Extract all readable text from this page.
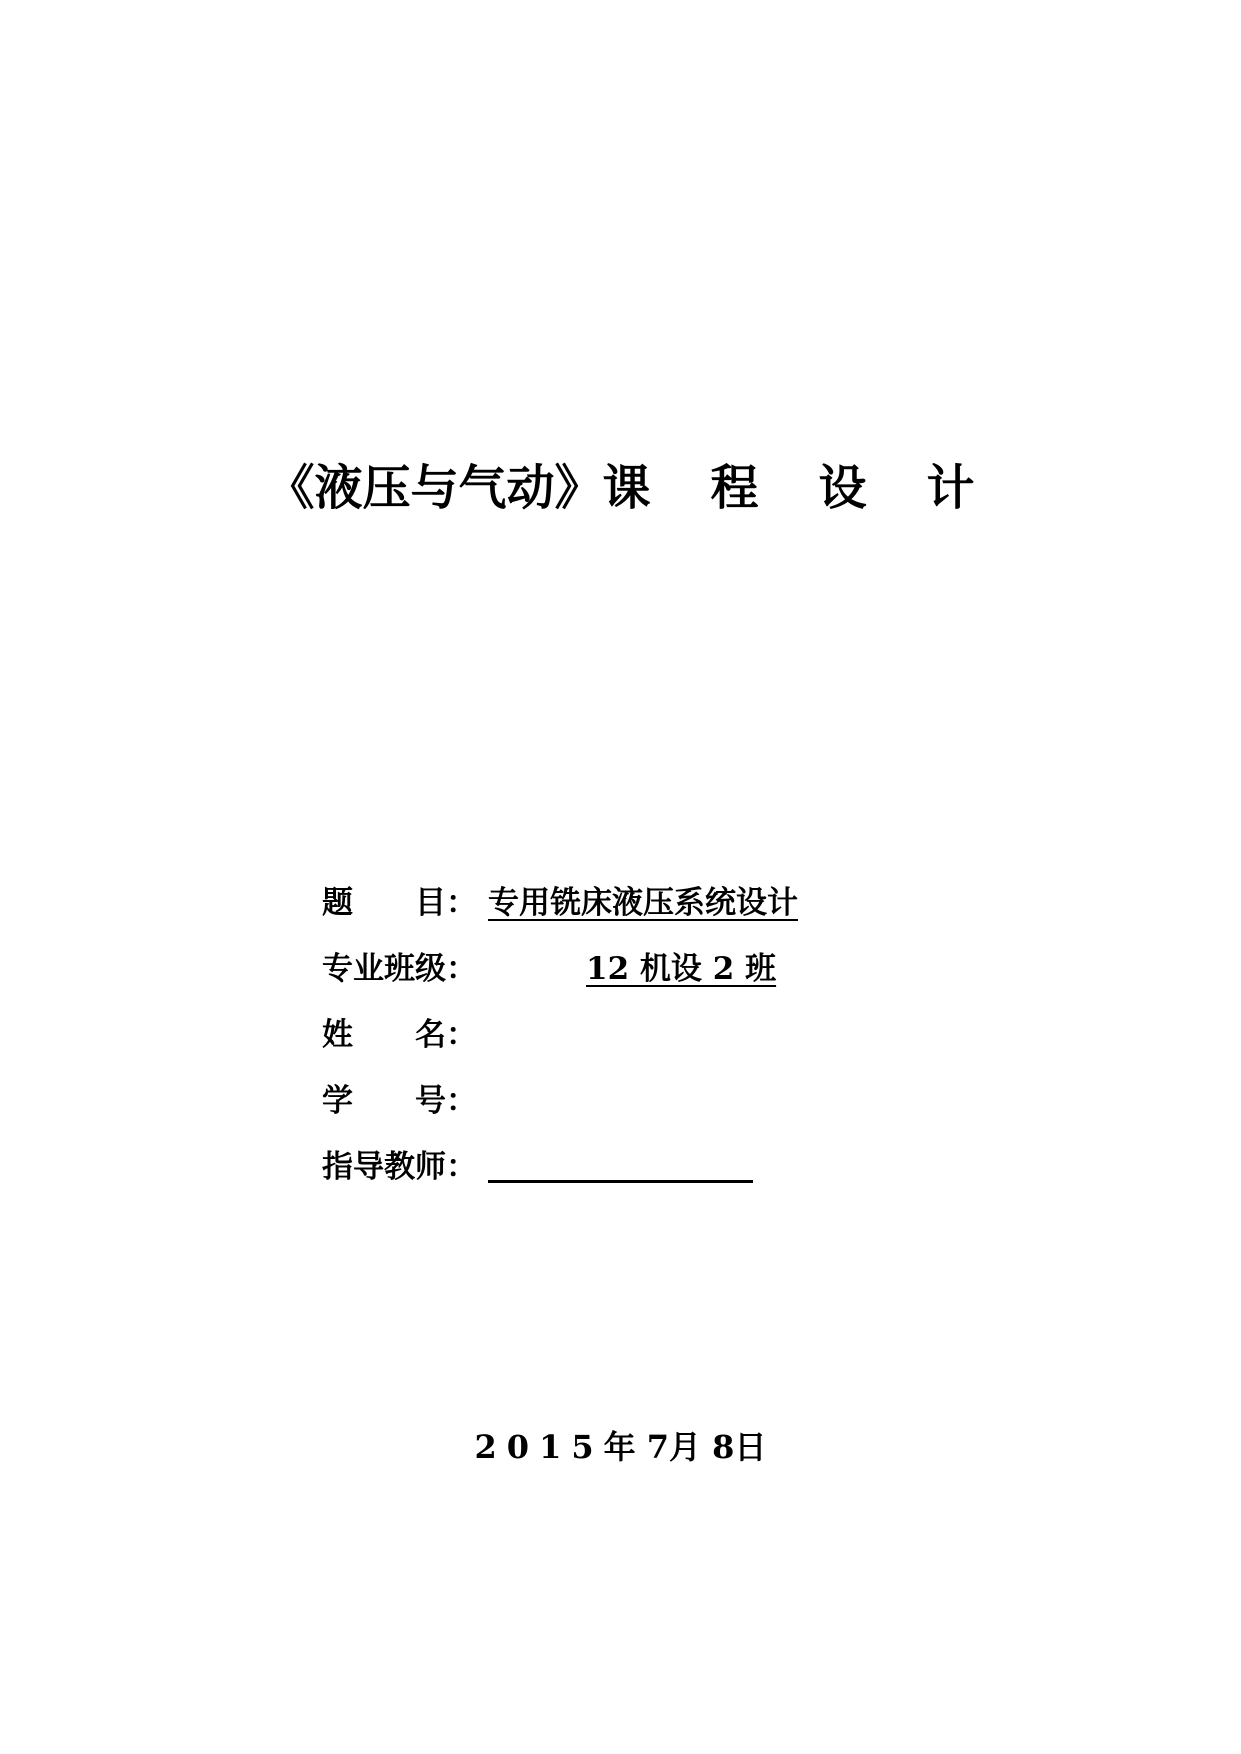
《液压与气动》课 程 设 计
题 目： 专用铣床液压系统设计
专业班级：	12 机设 2 班
姓 名：
学 号：
指导教师：
2015年 7月 8日
